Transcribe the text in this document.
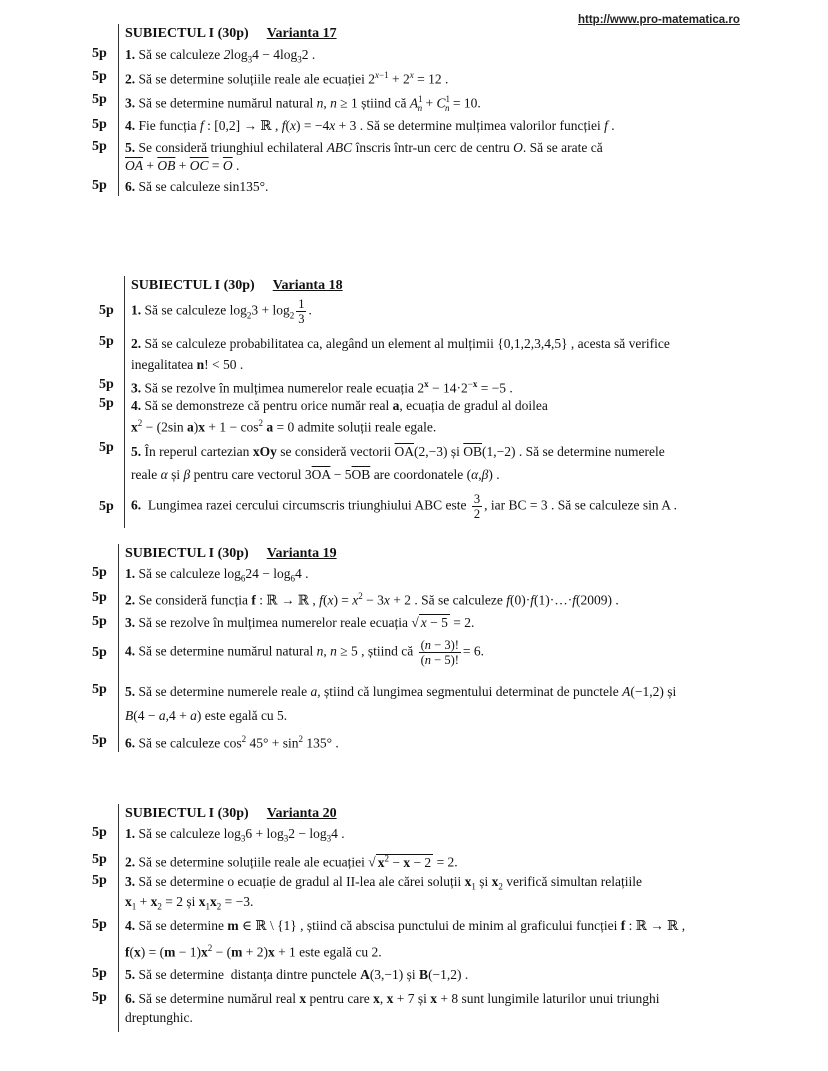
http://www.pro-matematica.ro
SUBIECTUL I (30p) Varianta 17
5p 1. Să se calculeze $2\log_34 - 4\log_32$ .
5p 2. Să se determine soluțiile reale ale ecuației $2^{x-1} + 2^x = 12$ .
5p 3. Să se determine numărul natural n, n ≥ 1 știind că $A^1_n + C^1_n = 10$.
5p 4. Fie funcția f : [0,2] → ℝ , f(x) = −4x + 3 . Să se determine mulțimea valorilor funcției f .
5p 5. Se consideră triunghiul echilateral ABC înscris într-un cerc de centru O. Să se arate că
$\overline{OA} + \overline{OB} + \overline{OC} = \overline{O}$ .
5p 6. Să se calculeze sin135°.
SUBIECTUL I (30p) Varianta 18
5p 1. Să se calculeze $\log_23 + \log_2 \frac{1}{3}$ .
5p 2. Să se calculeze probabilitatea ca, alegând un element al mulțimii {0,1,2,3,4,5} , acesta să verifice
inegalitatea n! < 50 .
5p 3. Să se rezolve în mulțimea numerelor reale ecuația $2^x - 14\cdot 2^{-x} = -5$ .
5p 4. Să se demonstreze că pentru orice număr real a, ecuația de gradul al doilea
$x^2 - (2\sin$ $a)x + 1 - \cos^2 a = 0$ admite soluții reale egale.
5p 5. În reperul cartezian xOy se consideră vectorii $\overline{OA}(2,-3)$ și $\overline{OB}(1,-2)$ . Să se determine numerele
reale α și β pentru care vectorul $3\overline{OA} - 5\overline{OB}$ are coordonatele (α,β) .
5p 6.  Lungimea razei cercului circumscris triunghiului ABC este $\frac{3}{2}$ , iar BC = 3 . Să se calculeze sin A .
SUBIECTUL I (30p) Varianta 19
5p 1. Să se calculeze $\log_624 - \log_64$ .
5p 2. Se consideră funcția f : ℝ → ℝ , $f(x) = x^2 - 3x + 2$ . Să se calculeze f(0)·f(1)·…·f(2009) .
5p 3. Să se rezolve în mulțimea numerelor reale ecuația √ x − 5 = 2.
5p 4. Să se determine numărul natural n, n ≥ 5 , știind că $\frac{(n - 3)!}{(n - 5)!} = 6$.
5p 5. Să se determine numerele reale a, știind că lungimea segmentului determinat de punctele A(−1,2) și
B(4 − a,4 + a) este egală cu 5.
5p 6. Să se calculeze $\cos^2 45^\circ + \sin^2 135^\circ$ .
SUBIECTUL I (30p) Varianta 20
5p 1. Să se calculeze $\log_36 + \log_32 - \log_34$ .
5p 2. Să se determine soluțiile reale ale ecuației √ $x^2 - x - 2 = 2$.
5p 3. Să se determine o ecuație de gradul al II-lea ale cărei soluții $x_1$ și $x_2$ verifică simultan relațiile
$x_1 + x_2 = 2$ și $x_1x_2 = -3$.
5p 4. Să se determine m ∈ ℝ \ {1} , știind că abscisa punctului de minim al graficului funcției f : ℝ → ℝ ,
$f(x) = (m - 1)x^2 - (m + 2)x + 1$ este egală cu 2.
5p 5. Să se determine  distanța dintre punctele A(3,−1) și B(−1,2) .
5p 6. Să se determine numărul real x pentru care x, x + 7 și x + 8 sunt lungimile laturilor unui triunghi
dreptunghic.
